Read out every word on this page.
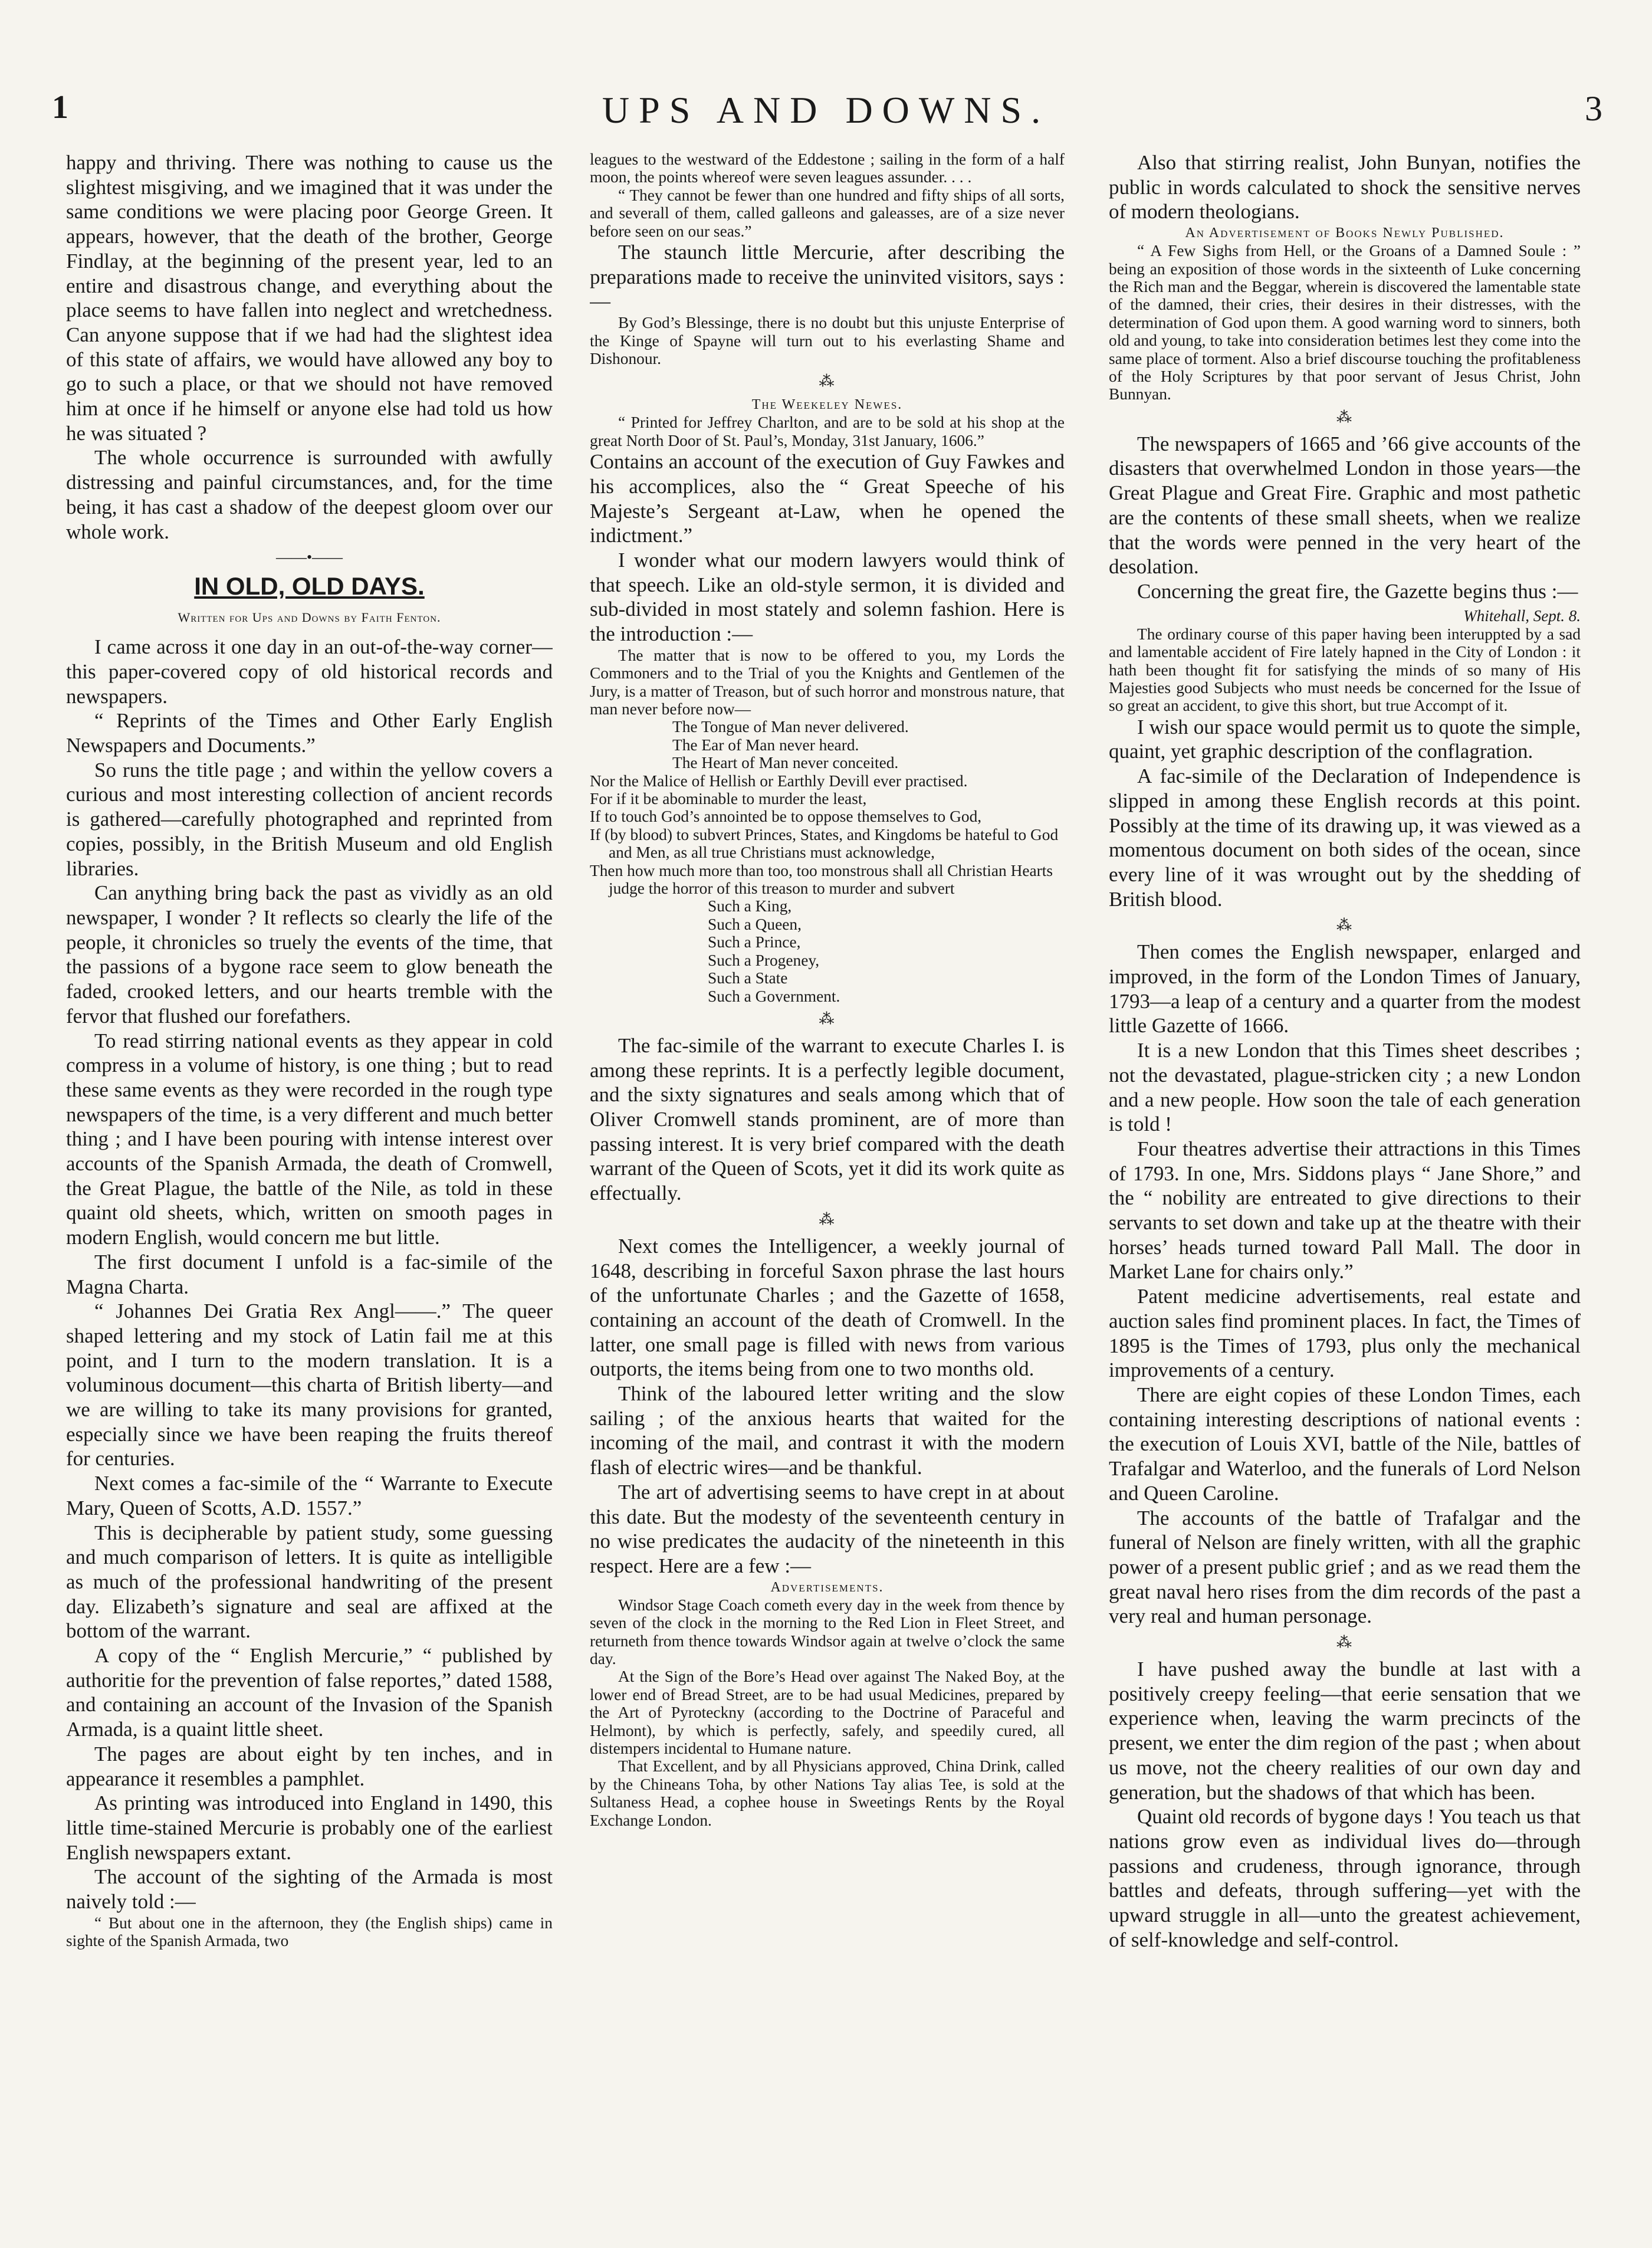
1	UPS AND DOWNS.	3

happy and thriving. There was nothing to cause us the slightest misgiving, and we imagined that it was under the same conditions we were placing poor George Green. It appears, however, that the death of the brother, George Findlay, at the beginning of the present year, led to an entire and disastrous change, and everything about the place seems to have fallen into neglect and wretchedness. Can anyone suppose that if we had had the slightest idea of this state of affairs, we would have allowed any boy to go to such a place, or that we should not have removed him at once if he himself or anyone else had told us how he was situated ?

The whole occurrence is surrounded with awfully distressing and painful circumstances, and, for the time being, it has cast a shadow of the deepest gloom over our whole work.

——•——
IN OLD, OLD DAYS.
Written for Ups and Downs by Faith Fenton.

I came across it one day in an out-of-the-way corner—this paper-covered copy of old historical records and newspapers.

“ Reprints of the Times and Other Early English Newspapers and Documents.”

So runs the title page ; and within the yellow covers a curious and most interesting collection of ancient records is gathered—carefully photographed and reprinted from copies, possibly, in the British Museum and old English libraries.

Can anything bring back the past as vividly as an old newspaper, I wonder ? It reflects so clearly the life of the people, it chronicles so truely the events of the time, that the passions of a bygone race seem to glow beneath the faded, crooked letters, and our hearts tremble with the fervor that flushed our forefathers.

To read stirring national events as they appear in cold compress in a volume of history, is one thing ; but to read these same events as they were recorded in the rough type newspapers of the time, is a very different and much better thing ; and I have been pouring with intense interest over accounts of the Spanish Armada, the death of Cromwell, the Great Plague, the battle of the Nile, as told in these quaint old sheets, which, written on smooth pages in modern English, would concern me but little.

The first document I unfold is a fac-simile of the Magna Charta.

“ Johannes Dei Gratia Rex Angl——.” The queer shaped lettering and my stock of Latin fail me at this point, and I turn to the modern translation. It is a voluminous document—this charta of British liberty—and we are willing to take its many provisions for granted, especially since we have been reaping the fruits thereof for centuries.

Next comes a fac-simile of the “ Warrante to Execute Mary, Queen of Scotts, A.D. 1557.”

This is decipherable by patient study, some guessing and much comparison of letters. It is quite as intelligible as much of the professional handwriting of the present day. Elizabeth’s signature and seal are affixed at the bottom of the warrant.

A copy of the “ English Mercurie,” “ published by authoritie for the prevention of false reportes,” dated 1588, and containing an account of the Invasion of the Spanish Armada, is a quaint little sheet.

The pages are about eight by ten inches, and in appearance it resembles a pamphlet.

As printing was introduced into England in 1490, this little time-stained Mercurie is probably one of the earliest English newspapers extant.

The account of the sighting of the Armada is most naively told :—

“ But about one in the afternoon, they (the English ships) came in sighte of the Spanish Armada, two

leagues to the westward of the Eddestone ; sailing in the form of a half moon, the points whereof were seven leagues assunder. . . .

“ They cannot be fewer than one hundred and fifty ships of all sorts, and severall of them, called galleons and galeasses, are of a size never before seen on our seas.”

The staunch little Mercurie, after describing the preparations made to receive the uninvited visitors, says :—

By God’s Blessinge, there is no doubt but this unjuste Enterprise of the Kinge of Spayne will turn out to his everlasting Shame and Dishonour.

⁂
The Weekeley Newes.

“ Printed for Jeffrey Charlton, and are to be sold at his shop at the great North Door of St. Paul’s, Monday, 31st January, 1606.”

Contains an account of the execution of Guy Fawkes and his accomplices, also the “ Great Speeche of his Majeste’s Sergeant at-Law, when he opened the indictment.”

I wonder what our modern lawyers would think of that speech. Like an old-style sermon, it is divided and sub-divided in most stately and solemn fashion. Here is the introduction :—

The matter that is now to be offered to you, my Lords the Commoners and to the Trial of you the Knights and Gentlemen of the Jury, is a matter of Treason, but of such horror and monstrous nature, that man never before now—

The Tongue of Man never delivered.
The Ear of Man never heard.
The Heart of Man never conceited.
Nor the Malice of Hellish or Earthly Devill ever practised.
For if it be abominable to murder the least,
If to touch God’s annointed be to oppose themselves to God,
If (by blood) to subvert Princes, States, and Kingdoms be hateful to God and Men, as all true Christians must acknowledge,
Then how much more than too, too monstrous shall all Christian Hearts judge the horror of this treason to murder and subvert
Such a King,
Such a Queen,
Such a Prince,
Such a Progeney,
Such a State
Such a Government.
⁂

The fac-simile of the warrant to execute Charles I. is among these reprints. It is a perfectly legible document, and the sixty signatures and seals among which that of Oliver Cromwell stands prominent, are of more than passing interest. It is very brief compared with the death warrant of the Queen of Scots, yet it did its work quite as effectually.

⁂

Next comes the Intelligencer, a weekly journal of 1648, describing in forceful Saxon phrase the last hours of the unfortunate Charles ; and the Gazette of 1658, containing an account of the death of Cromwell. In the latter, one small page is filled with news from various outports, the items being from one to two months old.

Think of the laboured letter writing and the slow sailing ; of the anxious hearts that waited for the incoming of the mail, and contrast it with the modern flash of electric wires—and be thankful.

The art of advertising seems to have crept in at about this date. But the modesty of the seventeenth century in no wise predicates the audacity of the nineteenth in this respect. Here are a few :—

Advertisements.

Windsor Stage Coach cometh every day in the week from thence by seven of the clock in the morning to the Red Lion in Fleet Street, and returneth from thence towards Windsor again at twelve o’clock the same day.

At the Sign of the Bore’s Head over against The Naked Boy, at the lower end of Bread Street, are to be had usual Medicines, prepared by the Art of Pyroteckny (according to the Doctrine of Paraceful and Helmont), by which is perfectly, safely, and speedily cured, all distempers incidental to Humane nature.

That Excellent, and by all Physicians approved, China Drink, called by the Chineans Toha, by other Nations Tay alias Tee, is sold at the Sultaness Head, a cophee house in Sweetings Rents by the Royal Exchange London.

Also that stirring realist, John Bunyan, notifies the public in words calculated to shock the sensitive nerves of modern theologians.

An Advertisement of Books Newly Published.

“ A Few Sighs from Hell, or the Groans of a Damned Soule : ” being an exposition of those words in the sixteenth of Luke concerning the Rich man and the Beggar, wherein is discovered the lamentable state of the damned, their cries, their desires in their distresses, with the determination of God upon them. A good warning word to sinners, both old and young, to take into consideration betimes lest they come into the same place of torment. Also a brief discourse touching the profitableness of the Holy Scriptures by that poor servant of Jesus Christ, John Bunnyan.

⁂

The newspapers of 1665 and ’66 give accounts of the disasters that overwhelmed London in those years—the Great Plague and Great Fire. Graphic and most pathetic are the contents of these small sheets, when we realize that the words were penned in the very heart of the desolation.

Concerning the great fire, the Gazette begins thus :—

Whitehall, Sept. 8.

The ordinary course of this paper having been interuppted by a sad and lamentable accident of Fire lately hapned in the City of London : it hath been thought fit for satisfying the minds of so many of His Majesties good Subjects who must needs be concerned for the Issue of so great an accident, to give this short, but true Accompt of it.

I wish our space would permit us to quote the simple, quaint, yet graphic description of the conflagration.

A fac-simile of the Declaration of Independence is slipped in among these English records at this point. Possibly at the time of its drawing up, it was viewed as a momentous document on both sides of the ocean, since every line of it was wrought out by the shedding of British blood.

⁂

Then comes the English newspaper, enlarged and improved, in the form of the London Times of January, 1793—a leap of a century and a quarter from the modest little Gazette of 1666.

It is a new London that this Times sheet describes ; not the devastated, plague-stricken city ; a new London and a new people. How soon the tale of each generation is told !

Four theatres advertise their attractions in this Times of 1793. In one, Mrs. Siddons plays “ Jane Shore,” and the “ nobility are entreated to give directions to their servants to set down and take up at the theatre with their horses’ heads turned toward Pall Mall. The door in Market Lane for chairs only.”

Patent medicine advertisements, real estate and auction sales find prominent places. In fact, the Times of 1895 is the Times of 1793, plus only the mechanical improvements of a century.

There are eight copies of these London Times, each containing interesting descriptions of national events : the execution of Louis XVI, battle of the Nile, battles of Trafalgar and Waterloo, and the funerals of Lord Nelson and Queen Caroline.

The accounts of the battle of Trafalgar and the funeral of Nelson are finely written, with all the graphic power of a present public grief ; and as we read them the great naval hero rises from the dim records of the past a very real and human personage.

⁂

I have pushed away the bundle at last with a positively creepy feeling—that eerie sensation that we experience when, leaving the warm precincts of the present, we enter the dim region of the past ; when about us move, not the cheery realities of our own day and generation, but the shadows of that which has been.

Quaint old records of bygone days ! You teach us that nations grow even as individual lives do—through passions and crudeness, through ignorance, through battles and defeats, through suffering—yet with the upward struggle in all—unto the greatest achievement, of self-knowledge and self-control.
